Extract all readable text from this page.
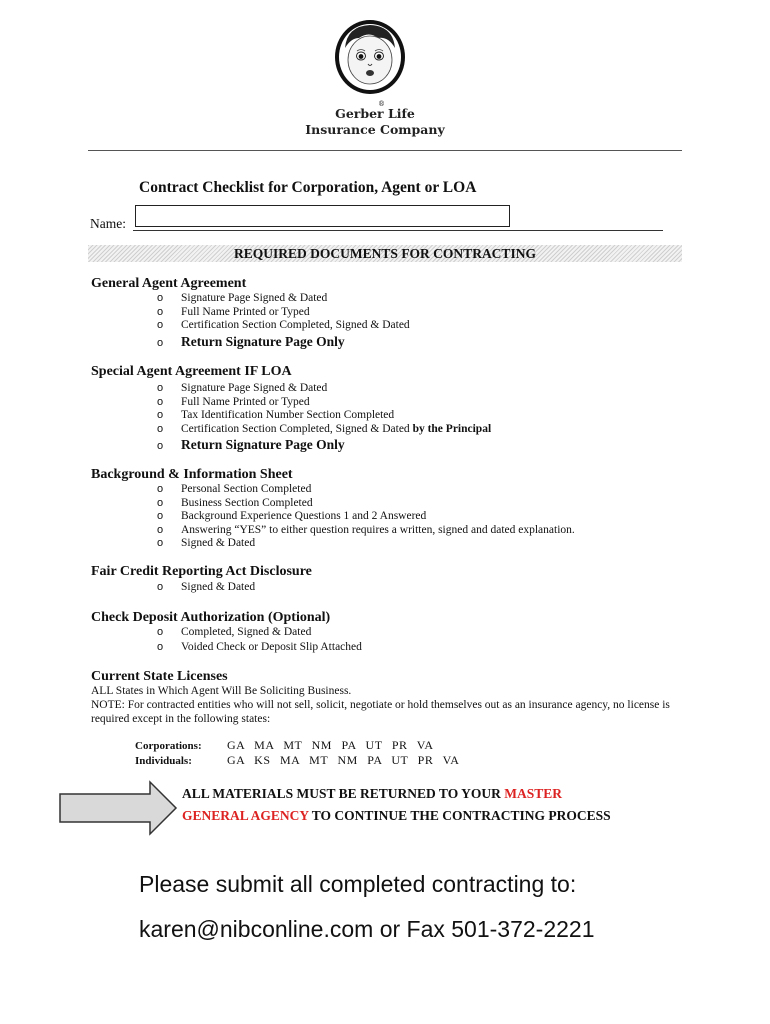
®
Gerber Life
Insurance Company
Contract Checklist for Corporation, Agent or LOA
Name:
REQUIRED DOCUMENTS FOR CONTRACTING
General Agent Agreement
o Signature Page Signed & Dated
o Full Name Printed or Typed
o Certification Section Completed, Signed & Dated
o Return Signature Page Only
Special Agent Agreement IF LOA
o Signature Page Signed & Dated
o Full Name Printed or Typed
o Tax Identification Number Section Completed
o Certification Section Completed, Signed & Dated by the Principal
o Return Signature Page Only
Background & Information Sheet
o Personal Section Completed
o Business Section Completed
o Background Experience Questions 1 and 2 Answered
o Answering “YES” to either question requires a written, signed and dated explanation.
o Signed & Dated
Fair Credit Reporting Act Disclosure
o Signed & Dated
Check Deposit Authorization (Optional)
o Completed, Signed & Dated
o Voided Check or Deposit Slip Attached
Current State Licenses
ALL States in Which Agent Will Be Soliciting Business.
NOTE: For contracted entities who will not sell, solicit, negotiate or hold themselves out as an insurance agency, no license is required except in the following states:
Corporations: GA MA MT NM PA UT PR VA
Individuals:	GA KS MA MT NM PA UT PR VA
ALL MATERIALS MUST BE RETURNED TO YOUR MASTER
GENERAL AGENCY TO CONTINUE THE CONTRACTING PROCESS
Please submit all completed contracting to:
karen@nibconline.com or Fax 501-372-2221
